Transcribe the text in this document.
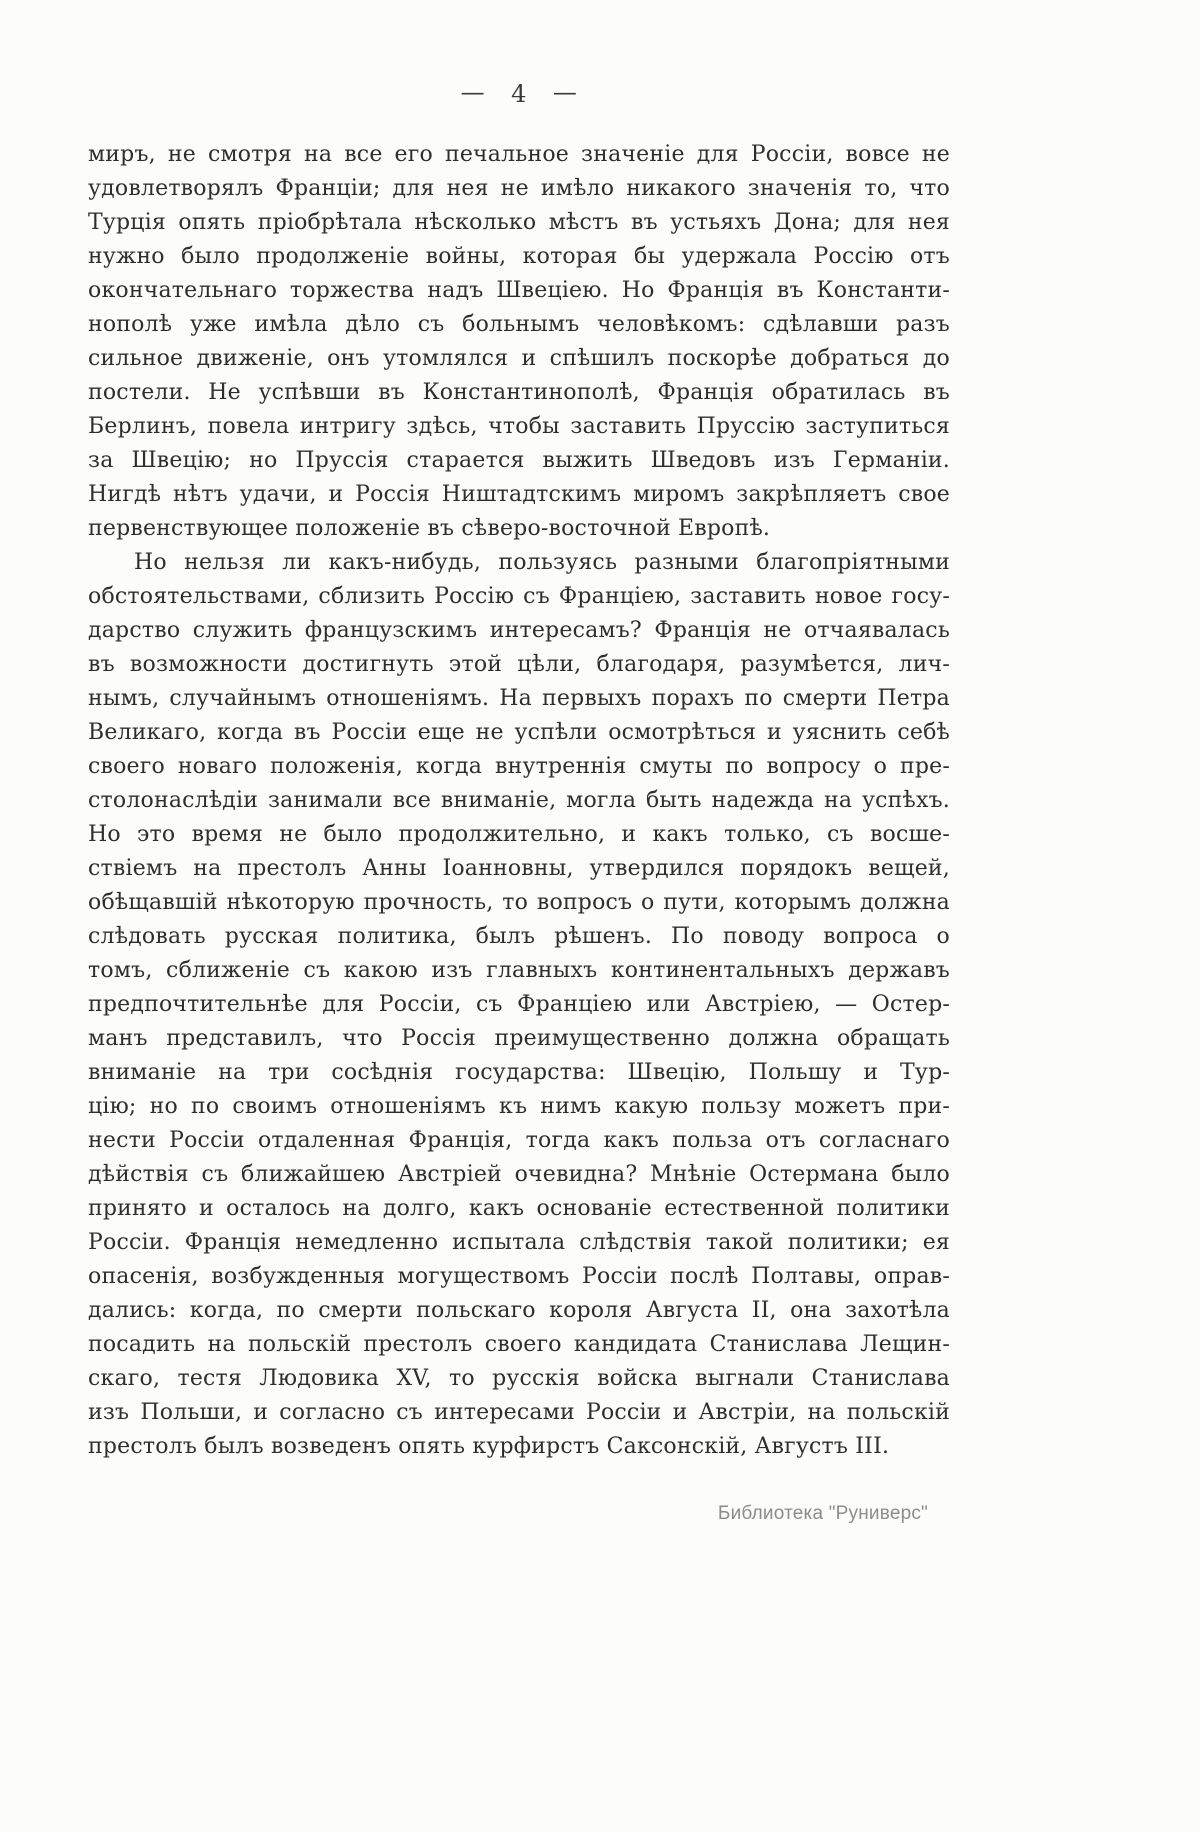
— 4 —
миръ, не смотря на все его печальное значеніе для Россіи, вовсе не
удовлетворялъ Франціи; для нея не имѣло никакого значенія то, что
Турція опять пріобрѣтала нѣсколько мѣстъ въ устьяхъ Дона; для нея
нужно было продолженіе войны, которая бы удержала Россію отъ
окончательнаго торжества надъ Швеціею. Но Франція въ Константи-
нополѣ уже имѣла дѣло съ больнымъ человѣкомъ: сдѣлавши разъ
сильное движеніе, онъ утомлялся и спѣшилъ поскорѣе добраться до
постели. Не успѣвши въ Константинополѣ, Франція обратилась въ
Берлинъ, повела интригу здѣсь, чтобы заставить Пруссію заступиться
за Швецію; но Пруссія старается выжить Шведовъ изъ Германіи.
Нигдѣ нѣтъ удачи, и Россія Ништадтскимъ миромъ закрѣпляетъ свое
первенствующее положеніе въ сѣверо-восточной Европѣ.
Но нельзя ли какъ-нибудь, пользуясь разными благопріятными
обстоятельствами, сблизить Россію съ Франціею, заставить новое госу-
дарство служить французскимъ интересамъ? Франція не отчаявалась
въ возможности достигнуть этой цѣли, благодаря, разумѣется, лич-
нымъ, случайнымъ отношеніямъ. На первыхъ порахъ по смерти Петра
Великаго, когда въ Россіи еще не успѣли осмотрѣться и уяснить себѣ
своего новаго положенія, когда внутреннія смуты по вопросу о пре-
столонаслѣдіи занимали все вниманіе, могла быть надежда на успѣхъ.
Но это время не было продолжительно, и какъ только, съ восше-
ствіемъ на престолъ Анны Іоанновны, утвердился порядокъ вещей,
обѣщавшій нѣкоторую прочность, то вопросъ о пути, которымъ должна
слѣдовать русская политика, былъ рѣшенъ. По поводу вопроса о
томъ, сближеніе съ какою изъ главныхъ континентальныхъ державъ
предпочтительнѣе для Россіи, съ Франціею или Австріею, — Остер-
манъ представилъ, что Россія преимущественно должна обращать
вниманіе на три сосѣднія государства: Швецію, Польшу и Тур-
цію; но по своимъ отношеніямъ къ нимъ какую пользу можетъ при-
нести Россіи отдаленная Франція, тогда какъ польза отъ согласнаго
дѣйствія съ ближайшею Австріей очевидна? Мнѣніе Остермана было
принято и осталось на долго, какъ основаніе естественной политики
Россіи. Франція немедленно испытала слѣдствія такой политики; ея
опасенія, возбужденныя могуществомъ Россіи послѣ Полтавы, оправ-
дались: когда, по смерти польскаго короля Августа II, она захотѣла
посадить на польскій престолъ своего кандидата Станислава Лещин-
скаго, тестя Людовика XV, то русскія войска выгнали Станислава
изъ Польши, и согласно съ интересами Россіи и Австріи, на польскій
престолъ былъ возведенъ опять курфирстъ Саксонскій, Августъ III.
Библиотека "Руниверс"
